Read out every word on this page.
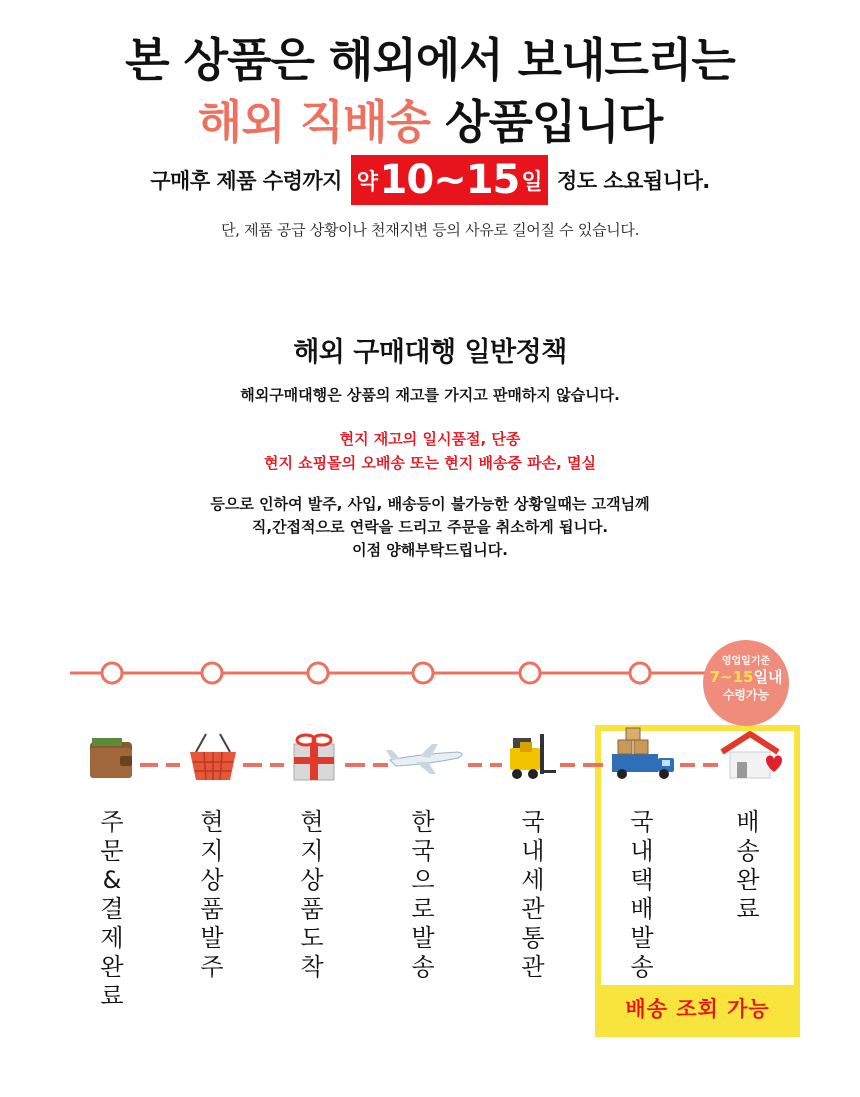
본 상품은 해외에서 보내드리는
해외 직배송 상품입니다
구매후 제품 수령까지 약 10~15 일 정도 소요됩니다.
단, 제품 공급 상황이나 천재지변 등의 사유로 길어질 수 있습니다.
해외 구매대행 일반정책
해외구매대행은 상품의 재고를 가지고 판매하지 않습니다.
현지 재고의 일시품절, 단종
현지 쇼핑몰의 오배송 또는 현지 배송중 파손, 멸실
등으로 인하여 발주, 사입, 배송등이 불가능한 상황일때는 고객님께
직,간접적으로 연락을 드리고 주문을 취소하게 됩니다.
이점 양해부탁드립니다.
배송 조회 가능
영업일기준
7~15일내
수령가능
주
문
&
결
제
완
료
현
지
상
품
발
주
현
지
상
품
도
착
한
국
으
로
발
송
국
내
세
관
통
관
국
내
택
배
발
송
배
송
완
료
